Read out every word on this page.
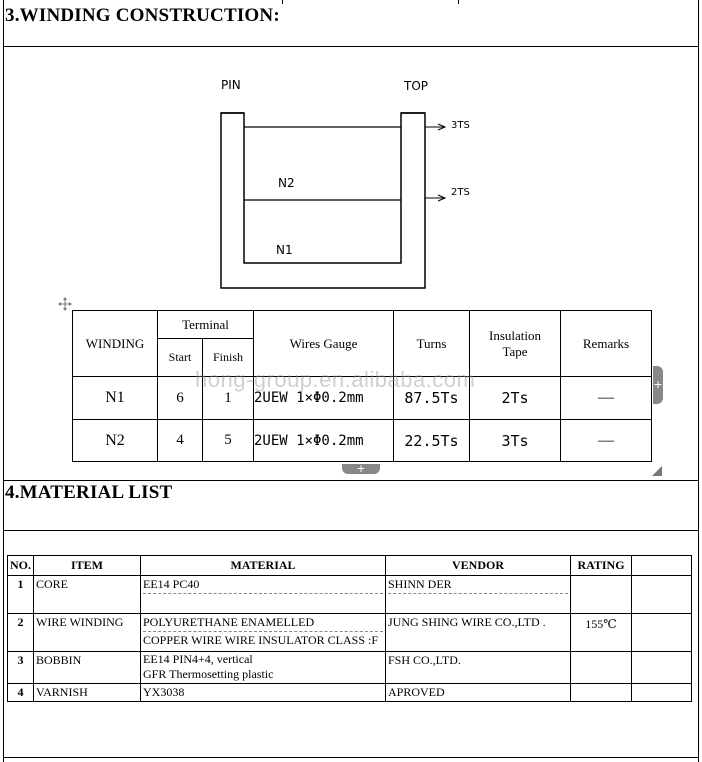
3.WINDING CONSTRUCTION:
PIN	TOP
N2
N1
3TS
2TS
WINDING	Terminal		Wires Gauge	Turns	Insulation Tape	Remarks
	Start	Finish				
N1	6	1	2UEW 1×Φ0.2mm	87.5Ts	2Ts	—
N2	4	5	2UEW 1×Φ0.2mm	22.5Ts	3Ts	—
hong-group.en.alibaba.com	+
+
4.MATERIAL LIST
NO.	ITEM	MATERIAL	VENDOR	RATING	
1	CORE	EE14 PC40	SHINN DER		

2	WIRE WINDING	POLYURETHANE ENAMELLED
COPPER WIRE WIRE INSULATOR CLASS :F	JUNG SHING WIRE CO.,LTD .	155℃	
3	BOBBIN	EE14 PIN4+4, vertical
GFR Thermosetting plastic	FSH CO.,LTD.		
4	VARNISH	YX3038	APROVED		
